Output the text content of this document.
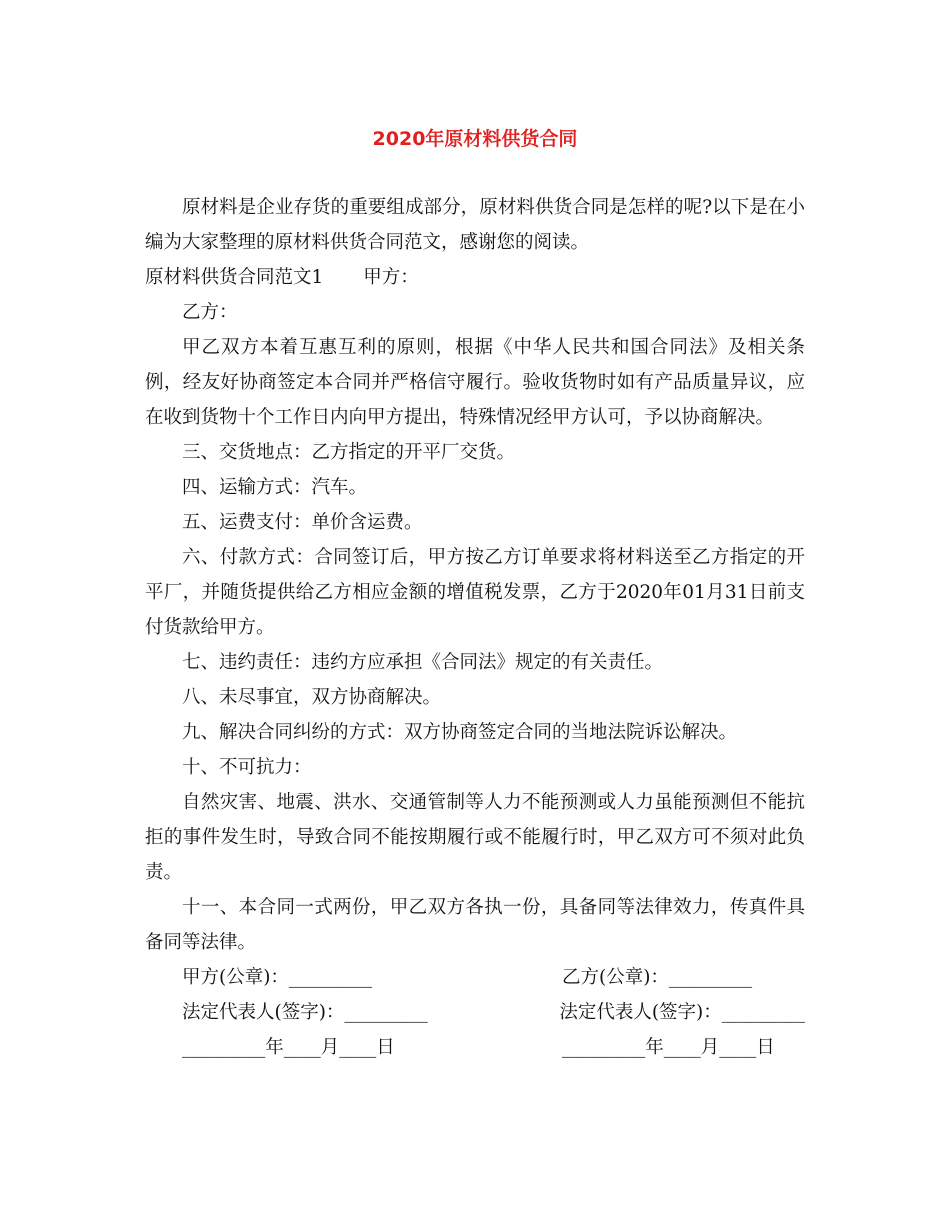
2020年原材料供货合同

原材料是企业存货的重要组成部分，原材料供货合同是怎样的呢?以下是在小编为大家整理的原材料供货合同范文，感谢您的阅读。

原材料供货合同范文1 甲方：

乙方：

甲乙双方本着互惠互利的原则，根据《中华人民共和国合同法》及相关条例，经友好协商签定本合同并严格信守履行。验收货物时如有产品质量异议，应在收到货物十个工作日内向甲方提出，特殊情况经甲方认可，予以协商解决。

三、交货地点：乙方指定的开平厂交货。

四、运输方式：汽车。

五、运费支付：单价含运费。

六、付款方式：合同签订后，甲方按乙方订单要求将材料送至乙方指定的开平厂，并随货提供给乙方相应金额的增值税发票，乙方于2020年01月31日前支付货款给甲方。

七、违约责任：违约方应承担《合同法》规定的有关责任。

八、未尽事宜，双方协商解决。

九、解决合同纠纷的方式：双方协商签定合同的当地法院诉讼解决。

十、不可抗力：

自然灾害、地震、洪水、交通管制等人力不能预测或人力虽能预测但不能抗拒的事件发生时，导致合同不能按期履行或不能履行时，甲乙双方可不须对此负责。

十一、本合同一式两份，甲乙双方各执一份，具备同等法律效力，传真件具备同等法律。

甲方(公章)：_________	乙方(公章)：_________
法定代表人(签字)：_________	法定代表人(签字)：_________
_________年____月____日	_________年____月____日
